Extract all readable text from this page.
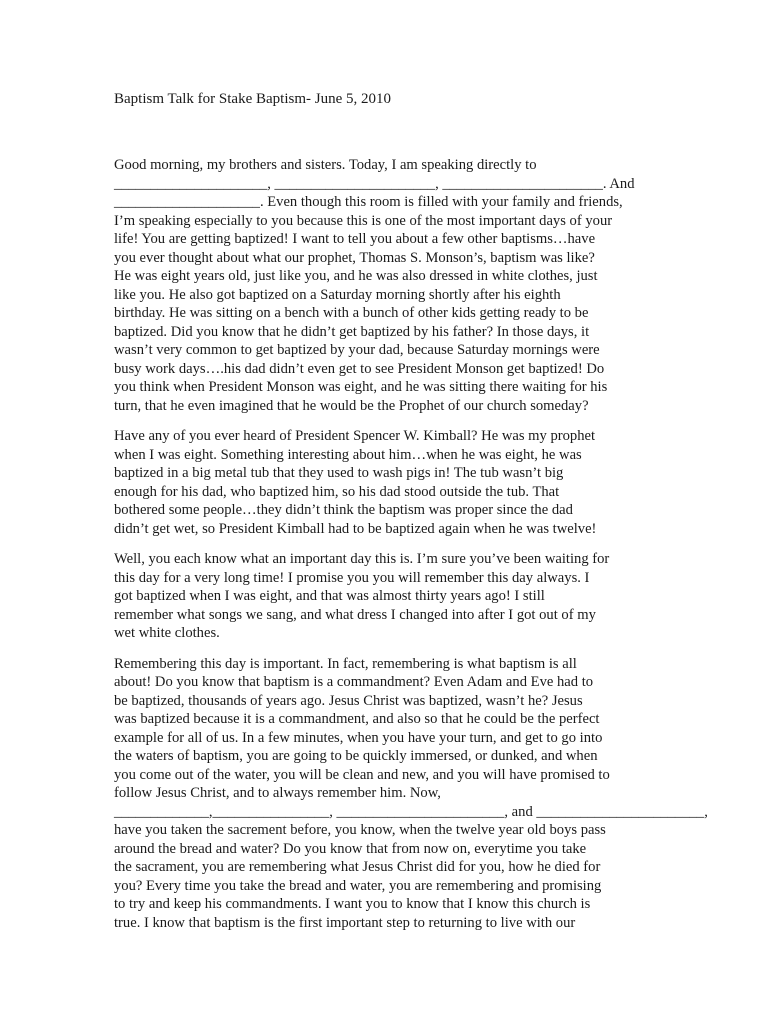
Baptism Talk for Stake Baptism- June 5, 2010

Good morning, my brothers and sisters. Today, I am speaking directly to
_____________________, ______________________, ______________________. And
____________________. Even though this room is filled with your family and friends,
I’m speaking especially to you because this is one of the most important days of your
life! You are getting baptized! I want to tell you about a few other baptisms…have
you ever thought about what our prophet, Thomas S. Monson’s, baptism was like?
He was eight years old, just like you, and he was also dressed in white clothes, just
like you. He also got baptized on a Saturday morning shortly after his eighth
birthday. He was sitting on a bench with a bunch of other kids getting ready to be
baptized. Did you know that he didn’t get baptized by his father? In those days, it
wasn’t very common to get baptized by your dad, because Saturday mornings were
busy work days….his dad didn’t even get to see President Monson get baptized! Do
you think when President Monson was eight, and he was sitting there waiting for his
turn, that he even imagined that he would be the Prophet of our church someday?

Have any of you ever heard of President Spencer W. Kimball? He was my prophet
when I was eight. Something interesting about him…when he was eight, he was
baptized in a big metal tub that they used to wash pigs in! The tub wasn’t big
enough for his dad, who baptized him, so his dad stood outside the tub. That
bothered some people…they didn’t think the baptism was proper since the dad
didn’t get wet, so President Kimball had to be baptized again when he was twelve!

Well, you each know what an important day this is. I’m sure you’ve been waiting for
this day for a very long time! I promise you you will remember this day always. I
got baptized when I was eight, and that was almost thirty years ago! I still
remember what songs we sang, and what dress I changed into after I got out of my
wet white clothes.

Remembering this day is important. In fact, remembering is what baptism is all
about! Do you know that baptism is a commandment? Even Adam and Eve had to
be baptized, thousands of years ago. Jesus Christ was baptized, wasn’t he? Jesus
was baptized because it is a commandment, and also so that he could be the perfect
example for all of us. In a few minutes, when you have your turn, and get to go into
the waters of baptism, you are going to be quickly immersed, or dunked, and when
you come out of the water, you will be clean and new, and you will have promised to
follow Jesus Christ, and to always remember him. Now,
_____________,________________, _______________________, and _______________________,
have you taken the sacrement before, you know, when the twelve year old boys pass
around the bread and water? Do you know that from now on, everytime you take
the sacrament, you are remembering what Jesus Christ did for you, how he died for
you? Every time you take the bread and water, you are remembering and promising
to try and keep his commandments. I want you to know that I know this church is
true. I know that baptism is the first important step to returning to live with our
